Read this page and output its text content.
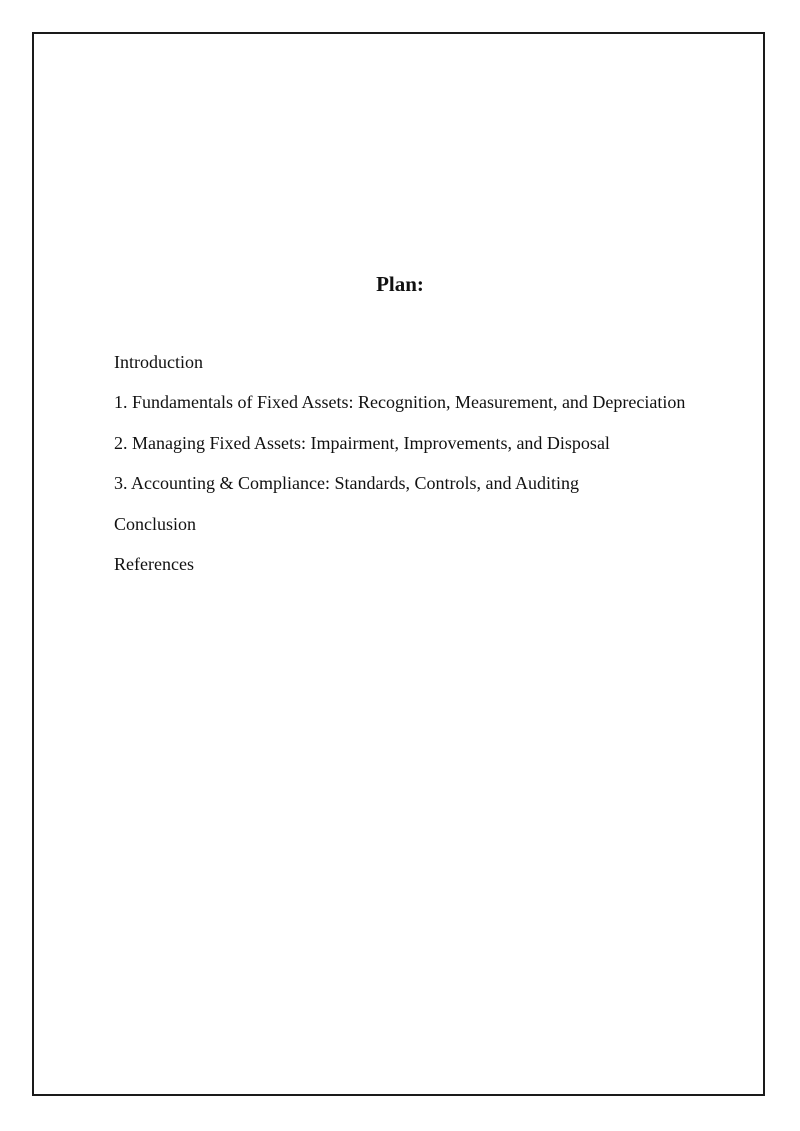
Plan:
Introduction
1. Fundamentals of Fixed Assets: Recognition, Measurement, and Depreciation
2. Managing Fixed Assets: Impairment, Improvements, and Disposal
3. Accounting & Compliance: Standards, Controls, and Auditing
Conclusion
References
